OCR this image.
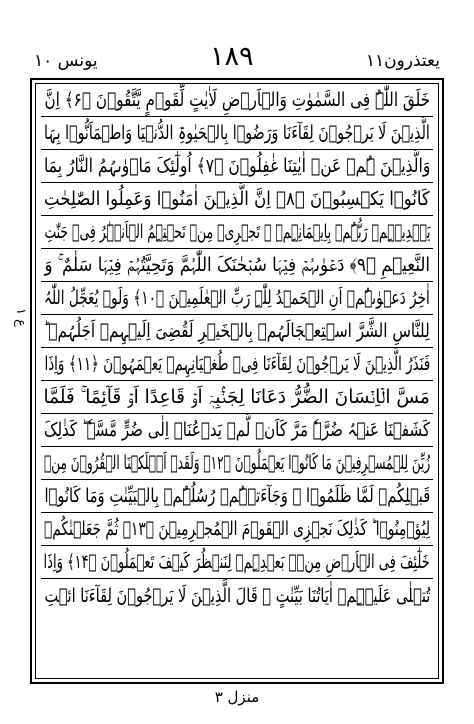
یونس ۱۰	۱۸۹	یعتذرون۱۱
ع ۱
خَلَقَ اللّٰہُ فِی السَّمٰوٰتِ وَالۡاَرۡضِ لَاٰیٰتٍ لِّقَوۡمٍ یَّتَّقُوۡنَ ﴿۶﴾ اِنَّ
الَّذِیۡنَ لَا یَرۡجُوۡنَ لِقَآءَنَا وَرَضُوۡا بِالۡحَیٰوۃِ الدُّنۡیَا وَاطۡمَاَنُّوۡا بِہَا
وَالَّذِیۡنَ ہُمۡ عَنۡ اٰیٰتِنَا غٰفِلُوۡنَ ﴿۷﴾ اُولٰٓئِکَ مَاۡوٰىہُمُ النَّارُ بِمَا
کَانُوۡا یَکۡسِبُوۡنَ ﴿۸﴾ اِنَّ الَّذِیۡنَ اٰمَنُوۡا وَعَمِلُوا الصّٰلِحٰتِ
یَہۡدِیۡہِمۡ رَبُّہُمۡ بِاِیۡمَانِہِمۡ ۚ تَجۡرِیۡ مِنۡ تَحۡتِہِمُ الۡاَنۡہٰرُ فِیۡ جَنّٰتِ
النَّعِیۡمِ ﴿۹﴾ دَعۡوٰىہُمۡ فِیۡہَا سُبۡحٰنَکَ اللّٰہُمَّ وَتَحِیَّتُہُمۡ فِیۡہَا سَلٰمٌ ۚ وَ
اٰخِرُ دَعۡوٰىہُمۡ اَنِ الۡحَمۡدُ لِلّٰہِ رَبِّ الۡعٰلَمِیۡنَ ﴿۱۰﴾ وَلَوۡ یُعَجِّلُ اللّٰہُ
لِلنَّاسِ الشَّرَّ اسۡتِعۡجَالَہُمۡ بِالۡخَیۡرِ لَقُضِیَ اِلَیۡہِمۡ اَجَلُہُمۡ ؕ
فَنَذَرُ الَّذِیۡنَ لَا یَرۡجُوۡنَ لِقَآءَنَا فِیۡ طُغۡیَانِہِمۡ یَعۡمَہُوۡنَ ﴿۱۱﴾ وَاِذَا
مَسَّ الۡاِنۡسَانَ الضُّرُّ دَعَانَا لِجَنۡۢبِہٖۤ اَوۡ قَاعِدًا اَوۡ قَآئِمًا ۚ فَلَمَّا
کَشَفۡنَا عَنۡہُ ضُرَّہٗ مَرَّ کَاَنۡ لَّمۡ یَدۡعُنَاۤ اِلٰی ضُرٍّ مَّسَّہٗ ؕ کَذٰلِکَ
زُیِّنَ لِلۡمُسۡرِفِیۡنَ مَا کَانُوۡا یَعۡمَلُوۡنَ ﴿۱۲﴾ وَلَقَدۡ اَہۡلَکۡنَا الۡقُرُوۡنَ مِنۡ
قَبۡلِکُمۡ لَمَّا ظَلَمُوۡا ۙ وَجَآءَتۡہُمۡ رُسُلُہُمۡ بِالۡبَیِّنٰتِ وَمَا کَانُوۡا
لِیُؤۡمِنُوۡا ؕ کَذٰلِکَ نَجۡزِی الۡقَوۡمَ الۡمُجۡرِمِیۡنَ ﴿۱۳﴾ ثُمَّ جَعَلۡنٰکُمۡ
خَلٰٓئِفَ فِی الۡاَرۡضِ مِنۡۢ بَعۡدِہِمۡ لِنَنۡظُرَ کَیۡفَ تَعۡمَلُوۡنَ ﴿۱۴﴾ وَاِذَا
تُتۡلٰی عَلَیۡہِمۡ اٰیَاتُنَا بَیِّنٰتٍ ۙ قَالَ الَّذِیۡنَ لَا یَرۡجُوۡنَ لِقَآءَنَا ائۡتِ
منزل ۳
